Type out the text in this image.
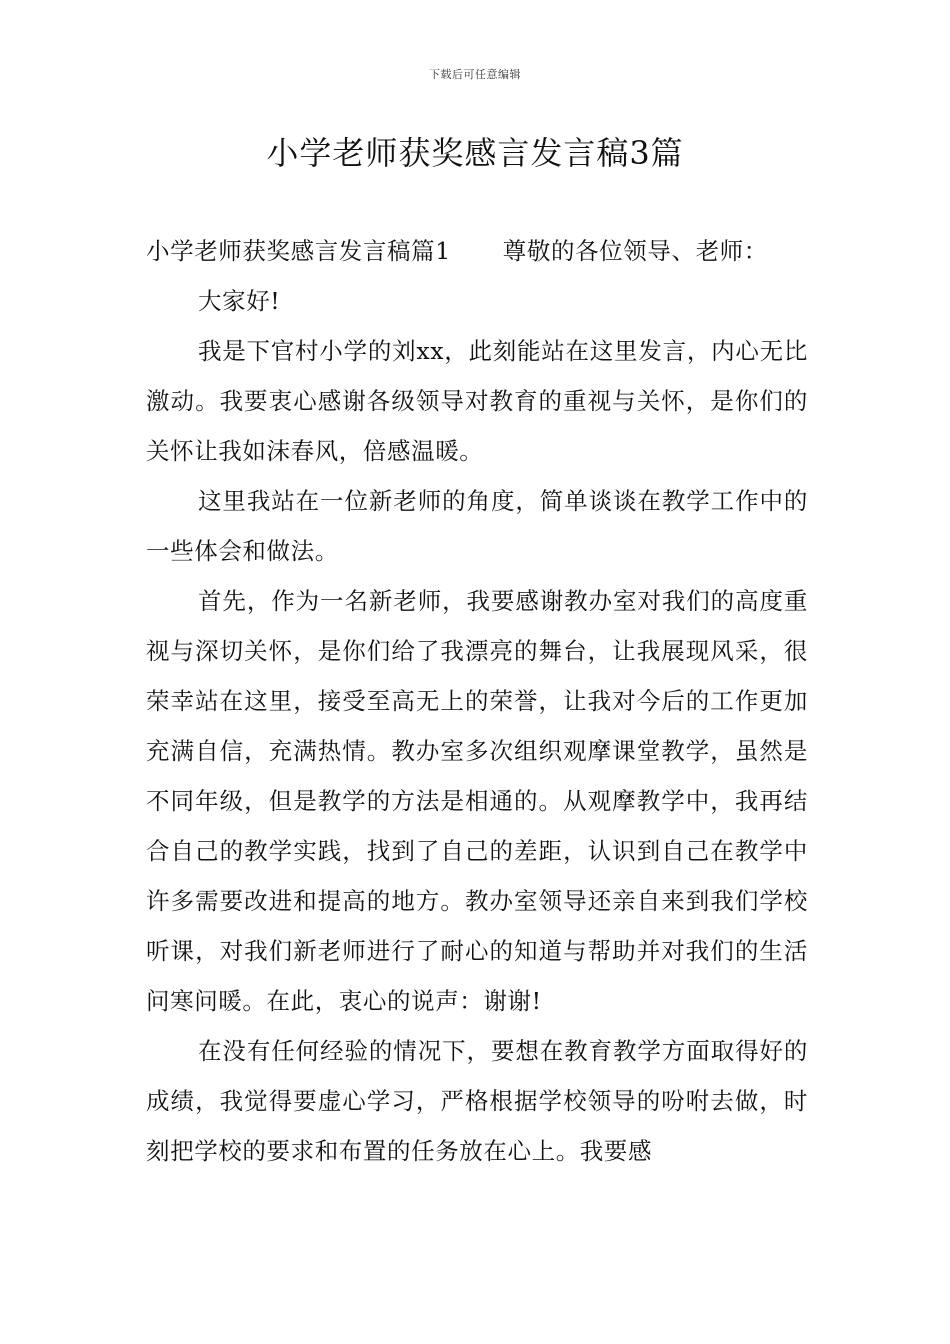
下载后可任意编辑
小学老师获奖感言发言稿3篇

小学老师获奖感言发言稿篇1 尊敬的各位领导、老师：

大家好!

我是下官村小学的刘xx，此刻能站在这里发言，内心无比激动。我要衷心感谢各级领导对教育的重视与关怀，是你们的关怀让我如沫春风，倍感温暖。

这里我站在一位新老师的角度，简单谈谈在教学工作中的一些体会和做法。

首先，作为一名新老师，我要感谢教办室对我们的高度重视与深切关怀，是你们给了我漂亮的舞台，让我展现风采，很荣幸站在这里，接受至高无上的荣誉，让我对今后的工作更加充满自信，充满热情。教办室多次组织观摩课堂教学，虽然是不同年级，但是教学的方法是相通的。从观摩教学中，我再结合自己的教学实践，找到了自己的差距，认识到自己在教学中许多需要改进和提高的地方。教办室领导还亲自来到我们学校听课，对我们新老师进行了耐心的知道与帮助并对我们的生活问寒问暖。在此，衷心的说声：谢谢!

在没有任何经验的情况下，要想在教育教学方面取得好的成绩，我觉得要虚心学习，严格根据学校领导的吩咐去做，时刻把学校的要求和布置的任务放在心上。我要感
